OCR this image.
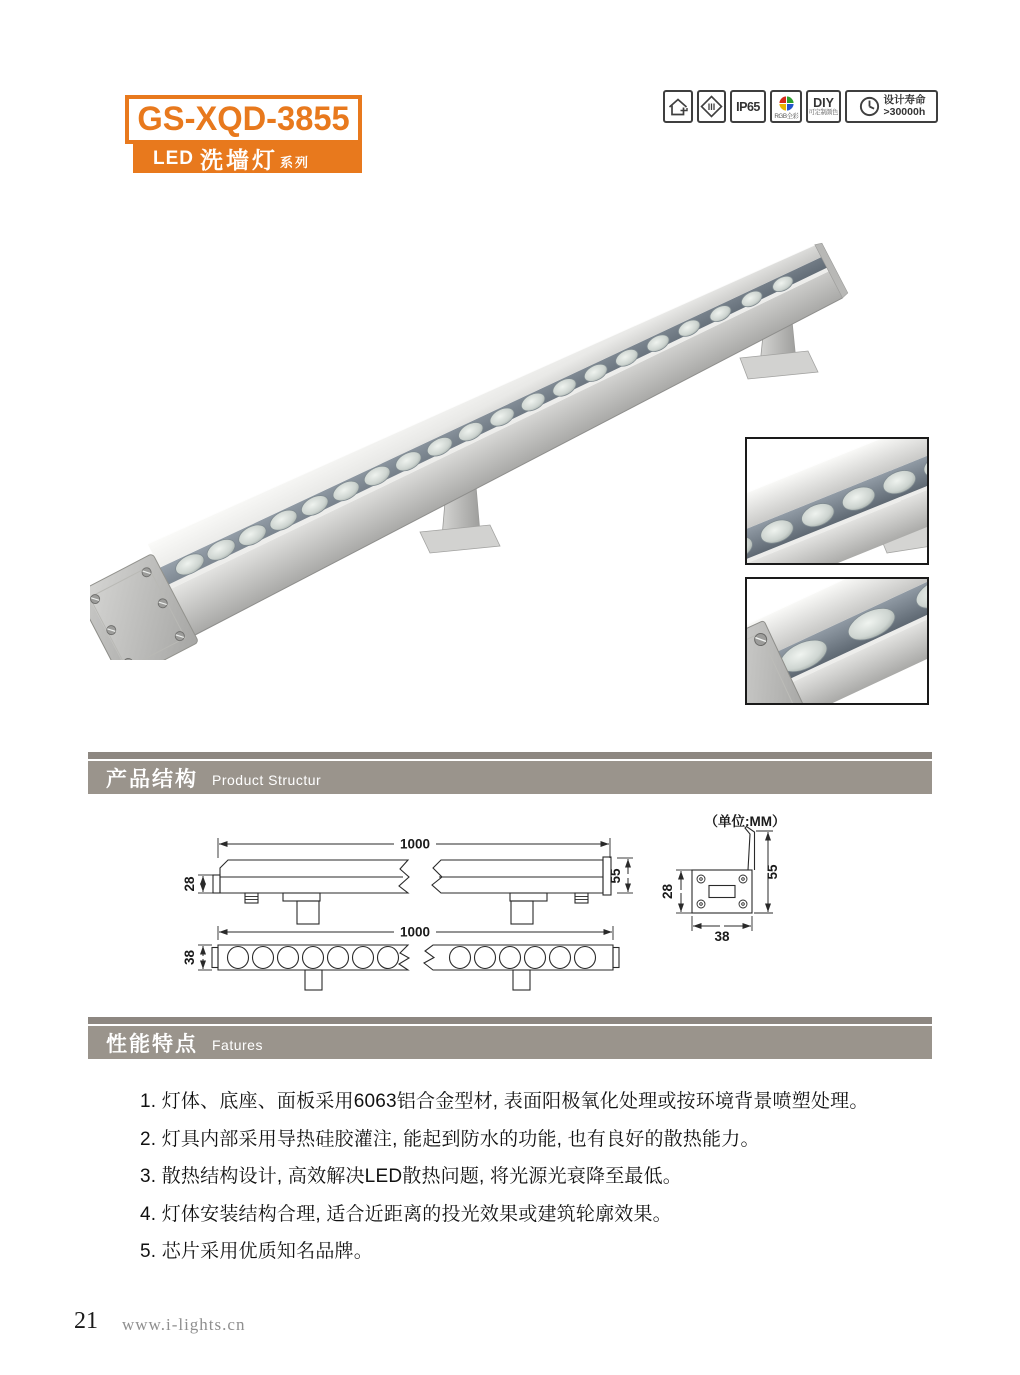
GS-XQD-3855
LED 洗墙灯 系列
III IP65
RGB全彩
DIY
可定制颜色
设计寿命
>30000h
产品结构 Product Structur
1000
28
55
1000
38
（单位:MM）
28
55
38
性能特点 Fatures
1. 灯体、底座、面板采用6063铝合金型材, 表面阳极氧化处理或按环境背景喷塑处理。
2. 灯具内部采用导热硅胶灌注, 能起到防水的功能, 也有良好的散热能力。
3. 散热结构设计, 高效解决LED散热问题, 将光源光衰降至最低。
4. 灯体安装结构合理, 适合近距离的投光效果或建筑轮廓效果。
5. 芯片采用优质知名品牌。
21 www.i-lights.cn
